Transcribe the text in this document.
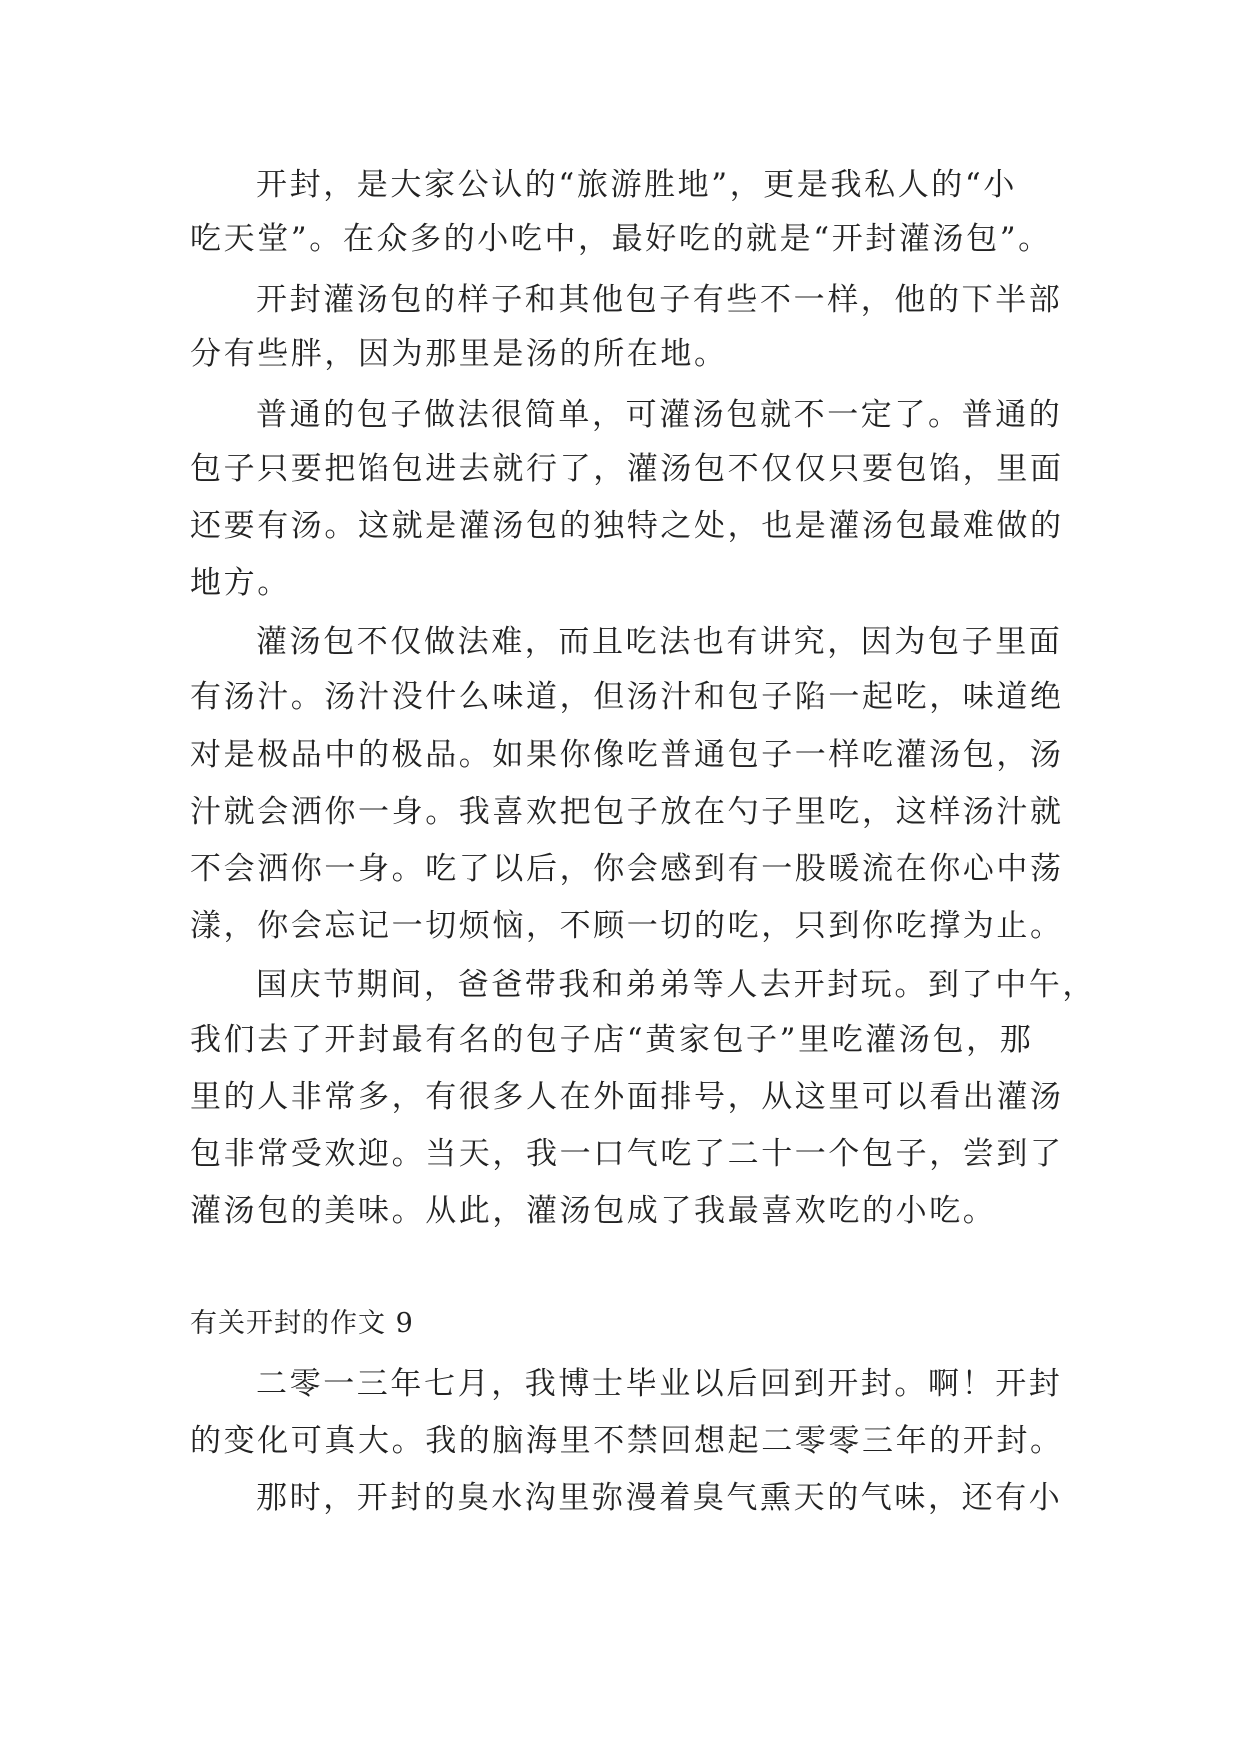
开封，是大家公认的“旅游胜地”，更是我私人的“小
吃天堂”。在众多的小吃中，最好吃的就是“开封灌汤包”。
开封灌汤包的样子和其他包子有些不一样，他的下半部
分有些胖，因为那里是汤的所在地。
普通的包子做法很简单，可灌汤包就不一定了。普通的
包子只要把馅包进去就行了，灌汤包不仅仅只要包馅，里面
还要有汤。这就是灌汤包的独特之处，也是灌汤包最难做的
地方。
灌汤包不仅做法难，而且吃法也有讲究，因为包子里面
有汤汁。汤汁没什么味道，但汤汁和包子陷一起吃，味道绝
对是极品中的极品。如果你像吃普通包子一样吃灌汤包，汤
汁就会洒你一身。我喜欢把包子放在勺子里吃，这样汤汁就
不会洒你一身。吃了以后，你会感到有一股暖流在你心中荡
漾，你会忘记一切烦恼，不顾一切的吃，只到你吃撑为止。
国庆节期间，爸爸带我和弟弟等人去开封玩。到了中午，
我们去了开封最有名的包子店“黄家包子”里吃灌汤包，那
里的人非常多，有很多人在外面排号，从这里可以看出灌汤
包非常受欢迎。当天，我一口气吃了二十一个包子，尝到了
灌汤包的美味。从此，灌汤包成了我最喜欢吃的小吃。
有关开封的作文 9
二零一三年七月，我博士毕业以后回到开封。啊！开封
的变化可真大。我的脑海里不禁回想起二零零三年的开封。
那时，开封的臭水沟里弥漫着臭气熏天的气味，还有小
